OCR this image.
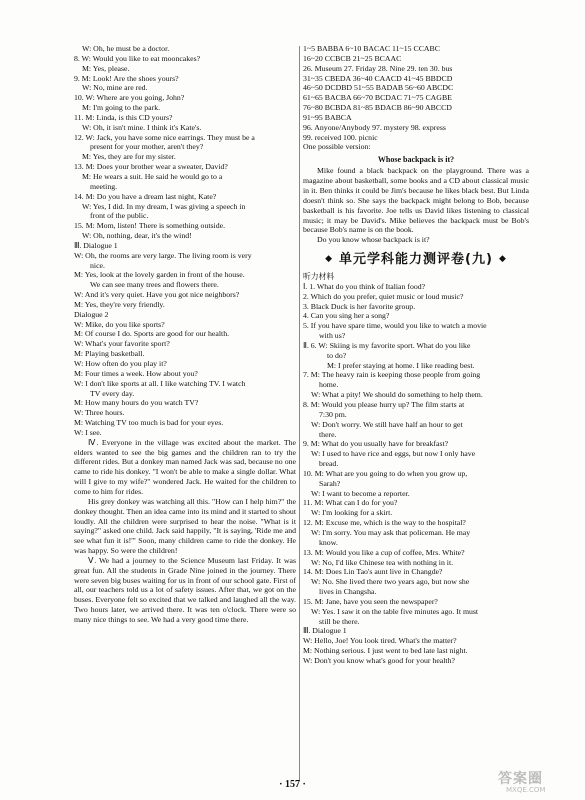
W: Oh, he must be a doctor.
8. W: Would you like to eat mooncakes?
M: Yes, please.
9. M: Look! Are the shoes yours?
W: No, mine are red.
10. W: Where are you going, John?
M: I'm going to the park.
11. M: Linda, is this CD yours?
W: Oh, it isn't mine. I think it's Kate's.
12. W: Jack, you have some nice earrings. They must be a
present for your mother, aren't they?
M: Yes, they are for my sister.
13. M: Does your brother wear a sweater, David?
M: He wears a suit. He said he would go to a
meeting.
14. M: Do you have a dream last night, Kate?
W: Yes, I did. In my dream, I was giving a speech in
front of the public.
15. M: Mom, listen! There is something outside.
W: Oh, nothing, dear, it's the wind!
Ⅲ. Dialogue 1
W: Oh, the rooms are very large. The living room is very
nice.
M: Yes, look at the lovely garden in front of the house.
We can see many trees and flowers there.
W: And it's very quiet. Have you got nice neighbors?
M: Yes, they're very friendly.
Dialogue 2
W: Mike, do you like sports?
M: Of course I do. Sports are good for our health.
W: What's your favorite sport?
M: Playing basketball.
W: How often do you play it?
M: Four times a week. How about you?
W: I don't like sports at all. I like watching TV. I watch
TV every day.
M: How many hours do you watch TV?
W: Three hours.
M: Watching TV too much is bad for your eyes.
W: I see.
Ⅳ. Everyone in the village was excited about the market. The elders wanted to see the big games and the children ran to try the different rides. But a donkey man named Jack was sad, because no one came to ride his donkey. "I won't be able to make a single dollar. What will I give to my wife?" wondered Jack. He waited for the children to come to him for rides.
His grey donkey was watching all this. "How can I help him?" the donkey thought. Then an idea came into its mind and it started to shout loudly. All the children were surprised to hear the noise. "What is it saying?" asked one child. Jack said happily, "It is saying, 'Ride me and see what fun it is!'" Soon, many children came to ride the donkey. He was happy. So were the children!
Ⅴ. We had a journey to the Science Museum last Friday. It was great fun. All the students in Grade Nine joined in the journey. There were seven big buses waiting for us in front of our school gate. First of all, our teachers told us a lot of safety issues. After that, we got on the buses. Everyone felt so excited that we talked and laughed all the way. Two hours later, we arrived there. It was ten o'clock. There were so many nice things to see. We had a very good time there.
1~5 BABBA 6~10 BACAC 11~15 CCABC
16~20 CCBCB 21~25 BCAAC
26. Museum 27. Friday 28. Nine 29. ten 30. bus
31~35 CBEDA 36~40 CAACD 41~45 BBDCD
46~50 DCDBD 51~55 BADAB 56~60 ABCDC
61~65 BACBA 66~70 BCDAC 71~75 CAGBE
76~80 BCBDA 81~85 BDACB 86~90 ABCCD
91~95 BABCA
96. Anyone/Anybody 97. mystery 98. express
99. received 100. picnic
One possible version:
Whose backpack is it?
Mike found a black backpack on the playground. There was a magazine about basketball, some books and a CD about classical music in it. Ben thinks it could be Jim's because he likes black best. But Linda doesn't think so. She says the backpack might belong to Bob, because basketball is his favorite. Joe tells us David likes listening to classical music; it may be David's. Mike believes the backpack must be Bob's because Bob's name is on the book.
Do you know whose backpack is it?
◆ 单元学科能力测评卷(九) ◆
听力材料
Ⅰ. 1. What do you think of Italian food?
2. Which do you prefer, quiet music or loud music?
3. Black Duck is her favorite group.
4. Can you sing her a song?
5. If you have spare time, would you like to watch a movie
with us?
Ⅱ. 6. W: Skiing is my favorite sport. What do you like
to do?
M: I prefer staying at home. I like reading best.
7. M: The heavy rain is keeping those people from going
home.
W: What a pity! We should do something to help them.
8. M: Would you please hurry up? The film starts at
7:30 pm.
W: Don't worry. We still have half an hour to get
there.
9. M: What do you usually have for breakfast?
W: I used to have rice and eggs, but now I only have
bread.
10. M: What are you going to do when you grow up,
Sarah?
W: I want to become a reporter.
11. M: What can I do for you?
W: I'm looking for a skirt.
12. M: Excuse me, which is the way to the hospital?
W: I'm sorry. You may ask that policeman. He may
know.
13. M: Would you like a cup of coffee, Mrs. White?
W: No, I'd like Chinese tea with nothing in it.
14. M: Does Lin Tao's aunt live in Changde?
W: No. She lived there two years ago, but now she
lives in Changsha.
15. M: Jane, have you seen the newspaper?
W: Yes. I saw it on the table five minutes ago. It must
still be there.
Ⅲ. Dialogue 1
W: Hello, Joe! You look tired. What's the matter?
M: Nothing serious. I just went to bed late last night.
W: Don't you know what's good for your health?
· 157 ·	答案圈
MXQE.COM
